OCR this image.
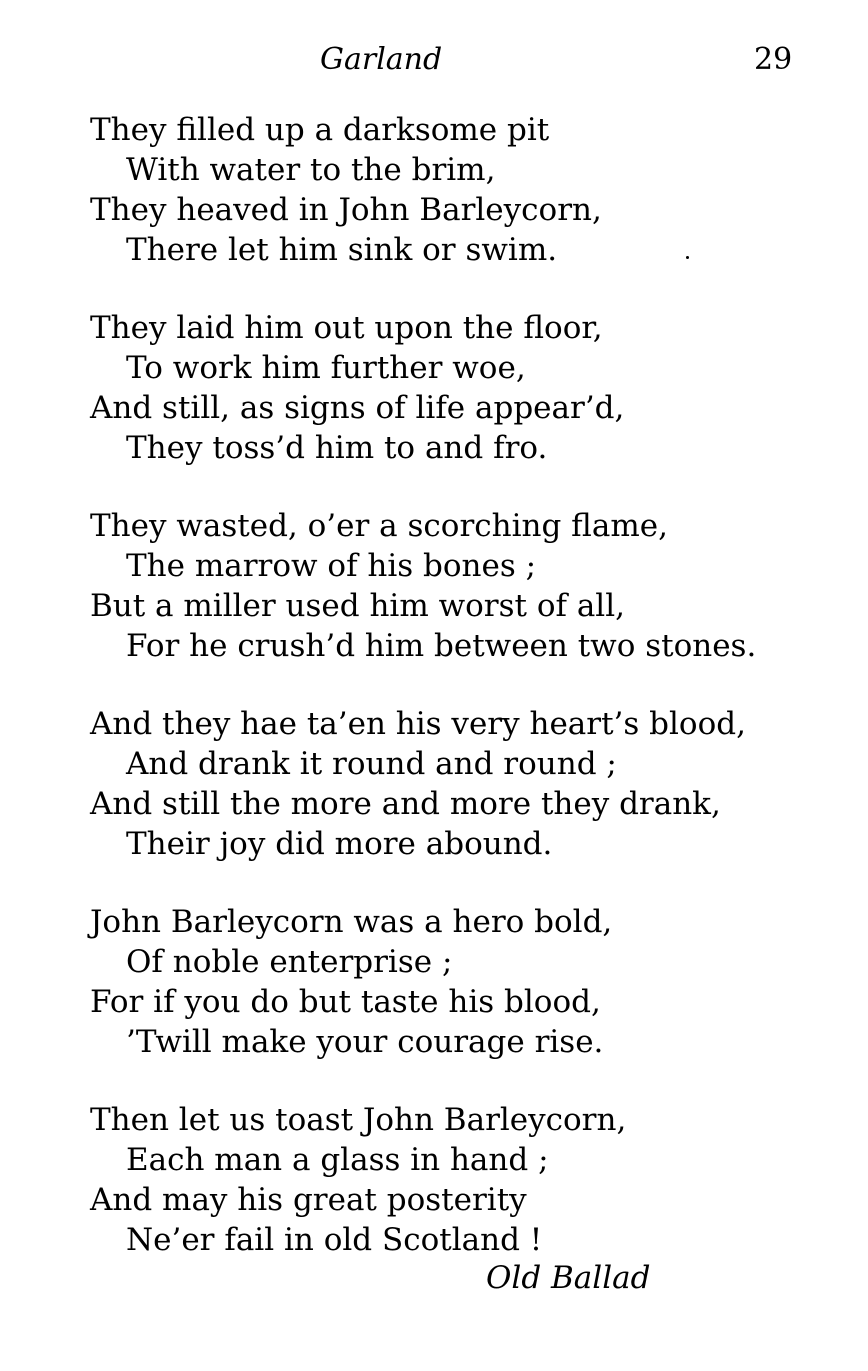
Garland	29
They filled up a darksome pit
With water to the brim,
They heaved in John Barleycorn,
There let him sink or swim.
They laid him out upon the floor,
To work him further woe,
And still, as signs of life appear’d,
They toss’d him to and fro.
They wasted, o’er a scorching flame,
The marrow of his bones ;
But a miller used him worst of all,
For he crush’d him between two stones.
And they hae ta’en his very heart’s blood,
And drank it round and round ;
And still the more and more they drank,
Their joy did more abound.
John Barleycorn was a hero bold,
Of noble enterprise ;
For if you do but taste his blood,
’Twill make your courage rise.
Then let us toast John Barleycorn,
Each man a glass in hand ;
And may his great posterity
Ne’er fail in old Scotland !
Old Ballad
